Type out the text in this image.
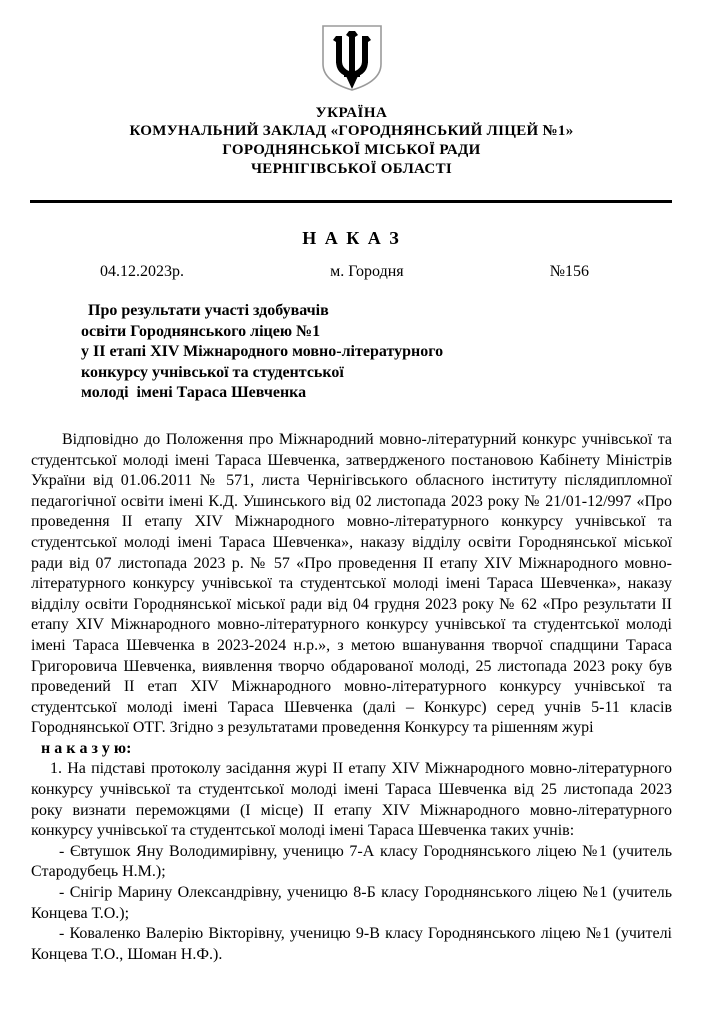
УКРАЇНА
КОМУНАЛЬНИЙ ЗАКЛАД «ГОРОДНЯНСЬКИЙ ЛІЦЕЙ №1»
ГОРОДНЯНСЬКОЇ МІСЬКОЇ РАДИ
ЧЕРНІГІВСЬКОЇ ОБЛАСТІ
Н А К А З
04.12.2023р.	м. Городня	№156
Про результати участі здобувачів
освіти Городнянського ліцею №1
у ІІ етапі XIV Міжнародного мовно-літературного
конкурсу учнівської та студентської
молоді  імені Тараса Шевченка

Відповідно до Положення про Міжнародний мовно-літературний конкурс учнівської та студентської молоді імені Тараса Шевченка, затвердженого постановою Кабінету Міністрів України від 01.06.2011 № 571, листа Чернігівського обласного інституту післядипломної педагогічної освіти імені К.Д. Ушинського від 02 листопада 2023 року № 21/01-12/997 «Про проведення ІІ етапу XIV Міжнародного мовно-літературного конкурсу учнівської та студентської молоді імені Тараса Шевченка», наказу відділу освіти Городнянської міської ради від 07 листопада 2023 р. № 57 «Про проведення ІІ етапу XIV Міжнародного мовно-літературного конкурсу учнівської та студентської молоді імені Тараса Шевченка», наказу відділу освіти Городнянської міської ради від 04 грудня 2023 року № 62 «Про результати ІІ етапу XIV Міжнародного мовно-літературного конкурсу учнівської та студентської молоді імені Тараса Шевченка в 2023-2024 н.р.», з метою вшанування творчої спадщини Тараса Григоровича Шевченка, виявлення творчо обдарованої молоді, 25 листопада 2023 року був проведений ІІ етап XIV Міжнародного мовно-літературного конкурсу учнівської та студентської молоді імені Тараса Шевченка (далі – Конкурс) серед учнів 5-11 класів Городнянської ОТГ. Згідно з результатами проведення Конкурсу та рішенням журі

н а к а з у ю:

1. На підставі протоколу засідання журі ІІ етапу XIV Міжнародного мовно-літературного конкурсу учнівської та студентської молоді імені Тараса Шевченка від 25 листопада 2023 року визнати переможцями (І місце) ІІ етапу XIV Міжнародного мовно-літературного конкурсу учнівської та студентської молоді імені Тараса Шевченка таких учнів:

- Євтушок Яну Володимирівну, ученицю 7-А класу Городнянського ліцею №1 (учитель Стародубець Н.М.);

- Снігір Марину Олександрівну, ученицю 8-Б класу Городнянського ліцею №1 (учитель Концева Т.О.);

- Коваленко Валерію Вікторівну, ученицю 9-В класу Городнянського ліцею №1 (учителі Концева Т.О., Шоман Н.Ф.).
